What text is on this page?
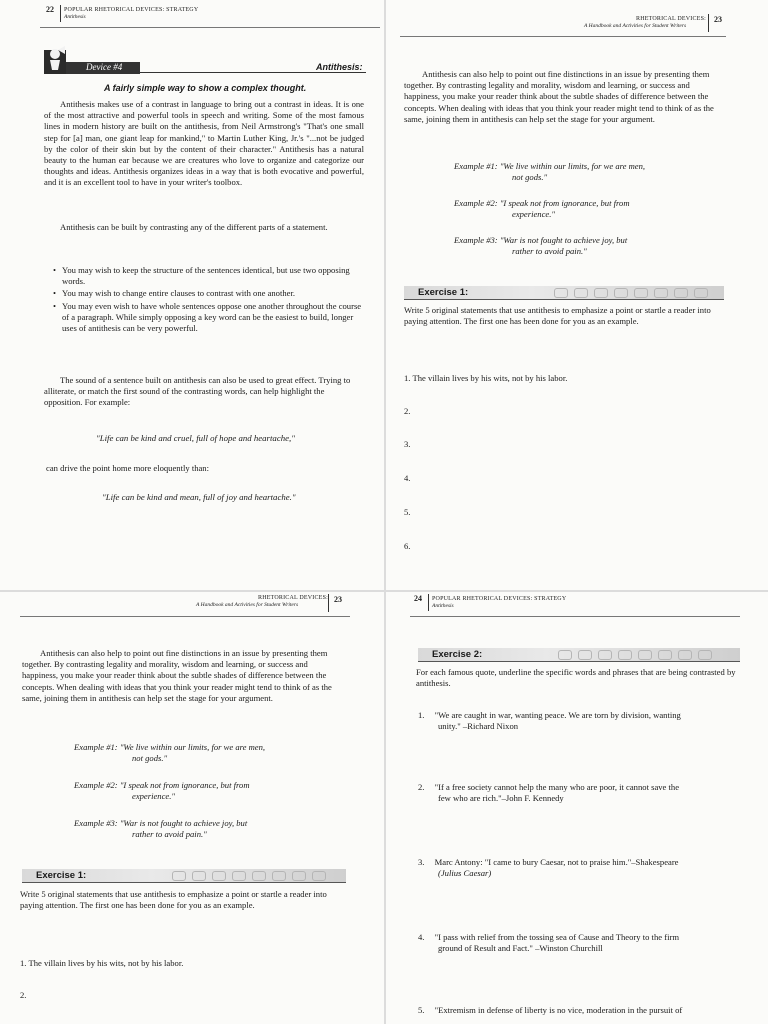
22 POPULAR RHETORICAL DEVICES: STRATEGY
Antithesis
Device #4	Antithesis:
A fairly simple way to show a complex thought.

Antithesis makes use of a contrast in language to bring out a contrast in ideas. It is one of the most attractive and powerful tools in speech and writing. Some of the most famous lines in modern history are built on the antithesis, from Neil Armstrong's "That's one small step for [a] man, one giant leap for mankind," to Martin Luther King, Jr.'s "...not be judged by the color of their skin but by the content of their character." Antithesis has a natural beauty to the human ear because we are creatures who love to organize and categorize our thoughts and ideas. Antithesis organizes ideas in a way that is both evocative and powerful, and it is an excellent tool to have in your writer's toolbox.

Antithesis can be built by contrasting any of the different parts of a statement.

• You may wish to keep the structure of the sentences identical, but use two opposing words.
• You may wish to change entire clauses to contrast with one another.
• You may even wish to have whole sentences oppose one another throughout the course of a paragraph. While simply opposing a key word can be the easiest to build, longer uses of antithesis can be very powerful.

The sound of a sentence built on antithesis can also be used to great effect. Trying to alliterate, or match the first sound of the contrasting words, can help highlight the opposition. For example:

"Life can be kind and cruel, full of hope and heartache,"
can drive the point home more eloquently than:
"Life can be kind and mean, full of joy and heartache."
RHETORICAL DEVICES:
A Handbook and Activities for Student Writers
23

Antithesis can also help to point out fine distinctions in an issue by presenting them together. By contrasting legality and morality, wisdom and learning, or success and happiness, you make your reader think about the subtle shades of difference between the concepts. When dealing with ideas that you think your reader might tend to think of as the same, joining them in antithesis can help set the stage for your argument.

Example #1: "We live within our limits, for we are men,
not gods."
Example #2: "I speak not from ignorance, but from
experience."
Example #3: "War is not fought to achieve joy, but
rather to avoid pain."
Exercise 1:

Write 5 original statements that use antithesis to emphasize a point or startle a reader into paying attention. The first one has been done for you as an example.

1. The villain lives by his wits, not by his labor.
2.
3.
4.
5.
6.
RHETORICAL DEVICES:
A Handbook and Activities for Student Writers
23

Antithesis can also help to point out fine distinctions in an issue by presenting them together. By contrasting legality and morality, wisdom and learning, or success and happiness, you make your reader think about the subtle shades of difference between the concepts. When dealing with ideas that you think your reader might tend to think of as the same, joining them in antithesis can help set the stage for your argument.

Example #1: "We live within our limits, for we are men,
not gods."
Example #2: "I speak not from ignorance, but from
experience."
Example #3: "War is not fought to achieve joy, but
rather to avoid pain."
Exercise 1:

Write 5 original statements that use antithesis to emphasize a point or startle a reader into paying attention. The first one has been done for you as an example.

1. The villain lives by his wits, not by his labor.
2.
24 POPULAR RHETORICAL DEVICES: STRATEGY
Antithesis
Exercise 2:

For each famous quote, underline the specific words and phrases that are being contrasted by antithesis.

1. "We are caught in war, wanting peace. We are torn by division, wanting
unity." –Richard Nixon
2. "If a free society cannot help the many who are poor, it cannot save the
few who are rich."–John F. Kennedy
3. Marc Antony: "I came to bury Caesar, not to praise him."–Shakespeare
(Julius Caesar)
4. "I pass with relief from the tossing sea of Cause and Theory to the firm
ground of Result and Fact." –Winston Churchill
5. "Extremism in defense of liberty is no vice, moderation in the pursuit of
